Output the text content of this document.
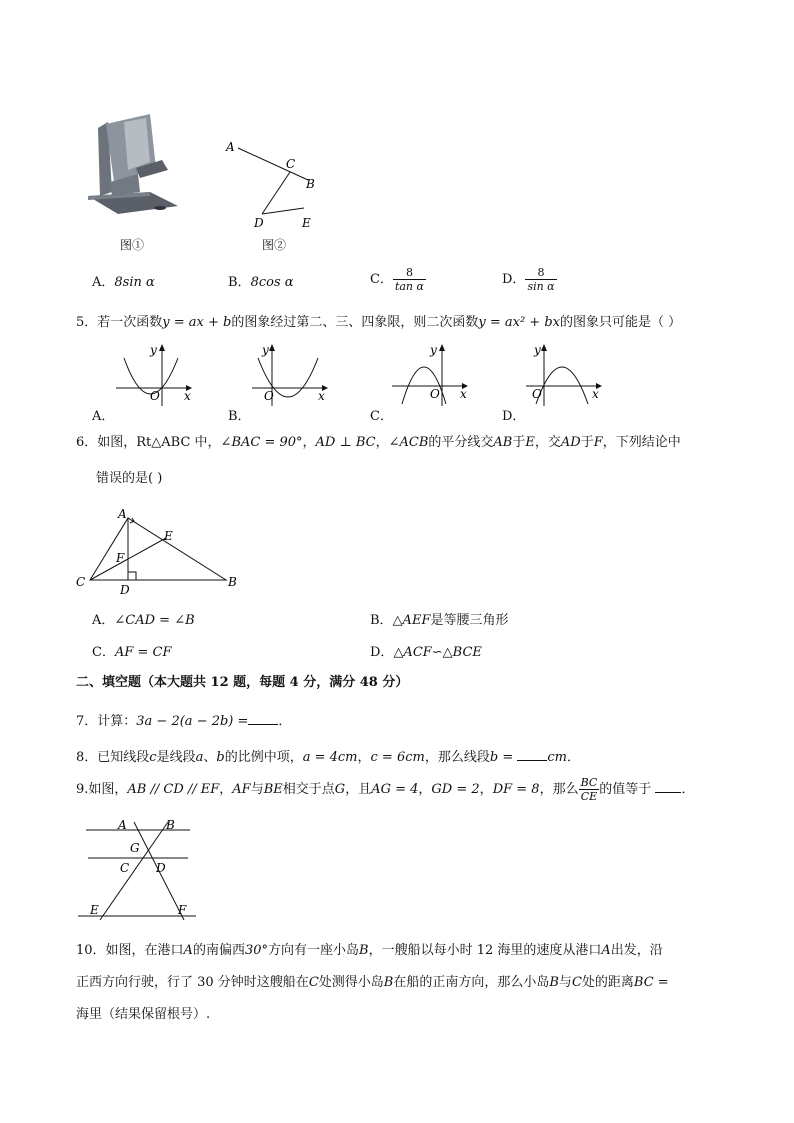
图①
A
C
B
D	E
图②
A．8sin α	B．8cos α	C． $\frac{8}{\text{tan α}}$	D． $\frac{8}{\text{sin α}}$
5．若一次函数y = ax + b的图象经过第二、三、四象限，则二次函数y = ax² + bx的图象只可能是（ ）
y
x
O
A．
y
x
O
B．
y
x
O
C．
y
x
O
D．
6．如图，Rt△ABC 中，∠BAC = 90°，AD ⊥ BC，∠ACB的平分线交AB于E，交AD于F，下列结论中
错误的是( )
A
E
F
C
D
B
A．∠CAD = ∠B	B．△AEF是等腰三角形
C．AF = CF	D．△ACF∽△BCE
二、填空题（本大题共 12 题，每题 4 分，满分 48 分）
7．计算：3a − 2(a − 2b) = ．
8．已知线段c是线段a、b的比例中项，a = 4cm，c = 6cm，那么线段b =	cm．
9.如图，AB // CD // EF，AF与BE相交于点G，且AG = 4，GD = 2，DF = 8，那么 $\frac{BC}{CE}$ 的值等于 ．
A	B
G
C D
E	F
10．如图，在港口A的南偏西30°方向有一座小岛B，一艘船以每小时 12 海里的速度从港口A出发，沿
正西方向行驶，行了 30 分钟时这艘船在C处测得小岛B在船的正南方向，那么小岛B与C处的距离BC =
海里（结果保留根号）.
